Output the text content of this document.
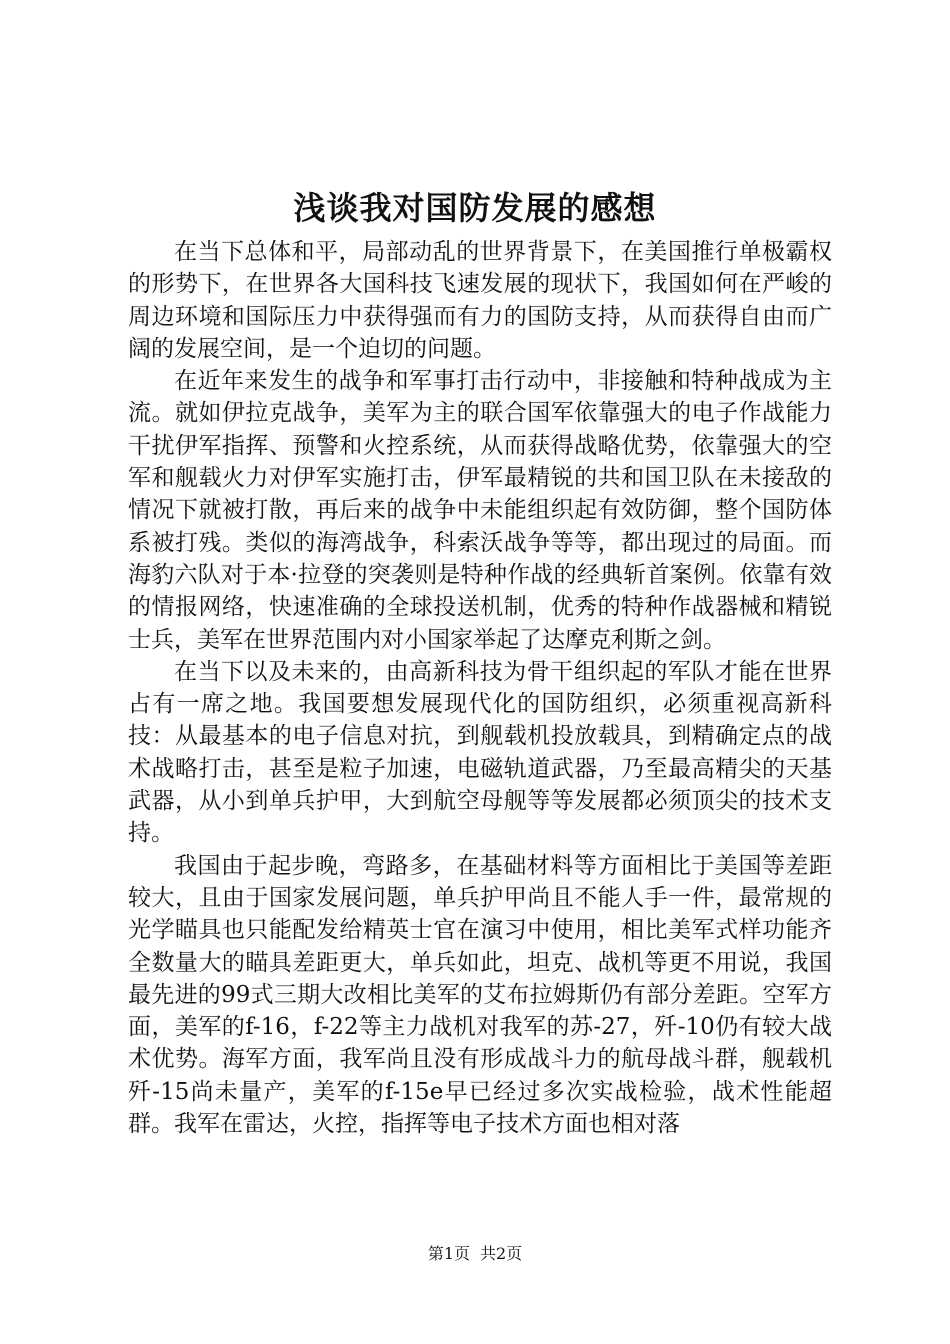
浅谈我对国防发展的感想

在当下总体和平，局部动乱的世界背景下，在美国推行单极霸权的形势下，在世界各大国科技飞速发展的现状下，我国如何在严峻的周边环境和国际压力中获得强而有力的国防支持，从而获得自由而广阔的发展空间，是一个迫切的问题。

在近年来发生的战争和军事打击行动中，非接触和特种战成为主流。就如伊拉克战争，美军为主的联合国军依靠强大的电子作战能力干扰伊军指挥、预警和火控系统，从而获得战略优势，依靠强大的空军和舰载火力对伊军实施打击，伊军最精锐的共和国卫队在未接敌的情况下就被打散，再后来的战争中未能组织起有效防御，整个国防体系被打残。类似的海湾战争，科索沃战争等等，都出现过的局面。而海豹六队对于本·拉登的突袭则是特种作战的经典斩首案例。依靠有效的情报网络，快速准确的全球投送机制，优秀的特种作战器械和精锐士兵，美军在世界范围内对小国家举起了达摩克利斯之剑。

在当下以及未来的，由高新科技为骨干组织起的军队才能在世界占有一席之地。我国要想发展现代化的国防组织，必须重视高新科技：从最基本的电子信息对抗，到舰载机投放载具，到精确定点的战术战略打击，甚至是粒子加速，电磁轨道武器，乃至最高精尖的天基武器，从小到单兵护甲，大到航空母舰等等发展都必须顶尖的技术支持。

我国由于起步晚，弯路多，在基础材料等方面相比于美国等差距较大，且由于国家发展问题，单兵护甲尚且不能人手一件，最常规的光学瞄具也只能配发给精英士官在演习中使用，相比美军式样功能齐全数量大的瞄具差距更大，单兵如此，坦克、战机等更不用说，我国最先进的99式三期大改相比美军的艾布拉姆斯仍有部分差距。空军方面，美军的f-16，f-22等主力战机对我军的苏-27，歼-10仍有较大战术优势。海军方面，我军尚且没有形成战斗力的航母战斗群，舰载机歼-15尚未量产，美军的f-15e早已经过多次实战检验，战术性能超群。我军在雷达，火控，指挥等电子技术方面也相对落

第1页 共2页
